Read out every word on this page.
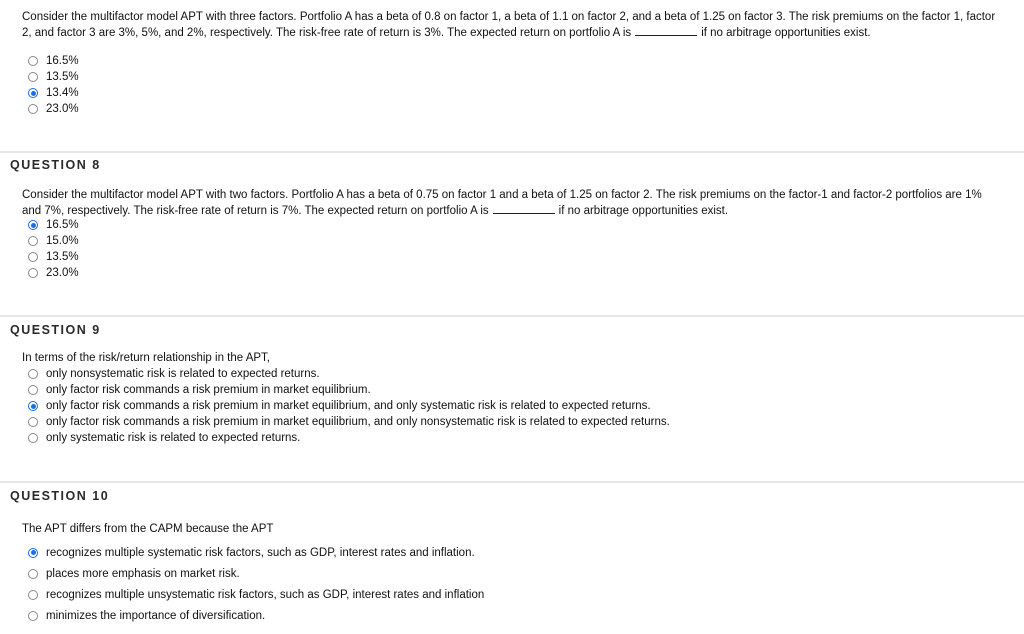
Consider the multifactor model APT with three factors. Portfolio A has a beta of 0.8 on factor 1, a beta of 1.1 on factor 2, and a beta of 1.25 on factor 3. The risk premiums on the factor 1, factor 2, and factor 3 are 3%, 5%, and 2%, respectively. The risk-free rate of return is 3%. The expected return on portfolio A is	if no arbitrage opportunities exist.
16.5%
13.5%
13.4%
23.0%
QUESTION 8
Consider the multifactor model APT with two factors. Portfolio A has a beta of 0.75 on factor 1 and a beta of 1.25 on factor 2. The risk premiums on the factor-1 and factor-2 portfolios are 1% and 7%, respectively. The risk-free rate of return is 7%. The expected return on portfolio A is	if no arbitrage opportunities exist.
16.5%
15.0%
13.5%
23.0%
QUESTION 9
In terms of the risk/return relationship in the APT,
only nonsystematic risk is related to expected returns.
only factor risk commands a risk premium in market equilibrium.
only factor risk commands a risk premium in market equilibrium, and only systematic risk is related to expected returns.
only factor risk commands a risk premium in market equilibrium, and only nonsystematic risk is related to expected returns.
only systematic risk is related to expected returns.
QUESTION 10
The APT differs from the CAPM because the APT
recognizes multiple systematic risk factors, such as GDP, interest rates and inflation.
places more emphasis on market risk.
recognizes multiple unsystematic risk factors, such as GDP, interest rates and inflation
minimizes the importance of diversification.
